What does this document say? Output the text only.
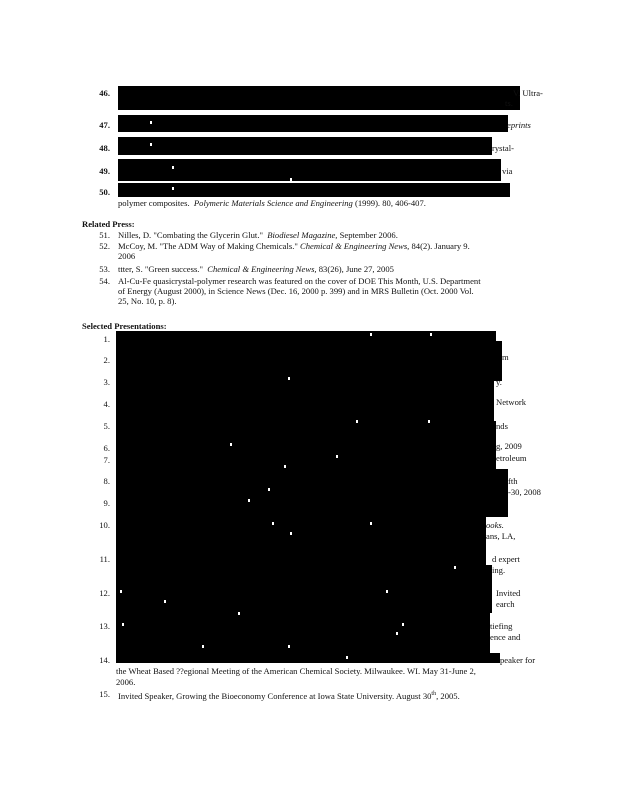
46.	V. Ultra-
ts.
47.	eprints
48.	rystal-
49.	via
50.
polymer composites. Polymeric Materials Science and Engineering (1999). 80, 406-407.
Related Press:
51. Nilles, D. "Combating the Glycerin Glut." Biodiesel Magazine, September 2006.
52. McCoy, M. "The ADM Way of Making Chemicals." Chemical & Engineering News, 84(2). January 9.
2006
53. ttter, S. "Green success." Chemical & Engineering News, 83(26), June 27, 2005
54. Al-Cu-Fe quasicrystal-polymer research was featured on the cover of DOE This Month, U.S. Department
of Energy (August 2000), in Science News (Dec. 16, 2000 p. 399) and in MRS Bulletin (Oct. 2000 Vol.
25, No. 10, p. 8).
Selected Presentations:
1.
2.	m
3.	y.
4.	Network
5.	nds
6.	g, 2009
7.	etroleum
8.	fth
-30, 2008
9.
10.	ooks.
ans, LA,
11.	d expert
ing.
12.	Invited
earch
13.	tiefing
ence and
14.	peaker for
the Wheat Based ??egional Meeting of the American Chemical Society. Milwaukee. WI. May 31-June 2,
2006.
15. Invited Speaker, Growing the Bioeconomy Conference at Iowa State University. August 30th, 2005.
